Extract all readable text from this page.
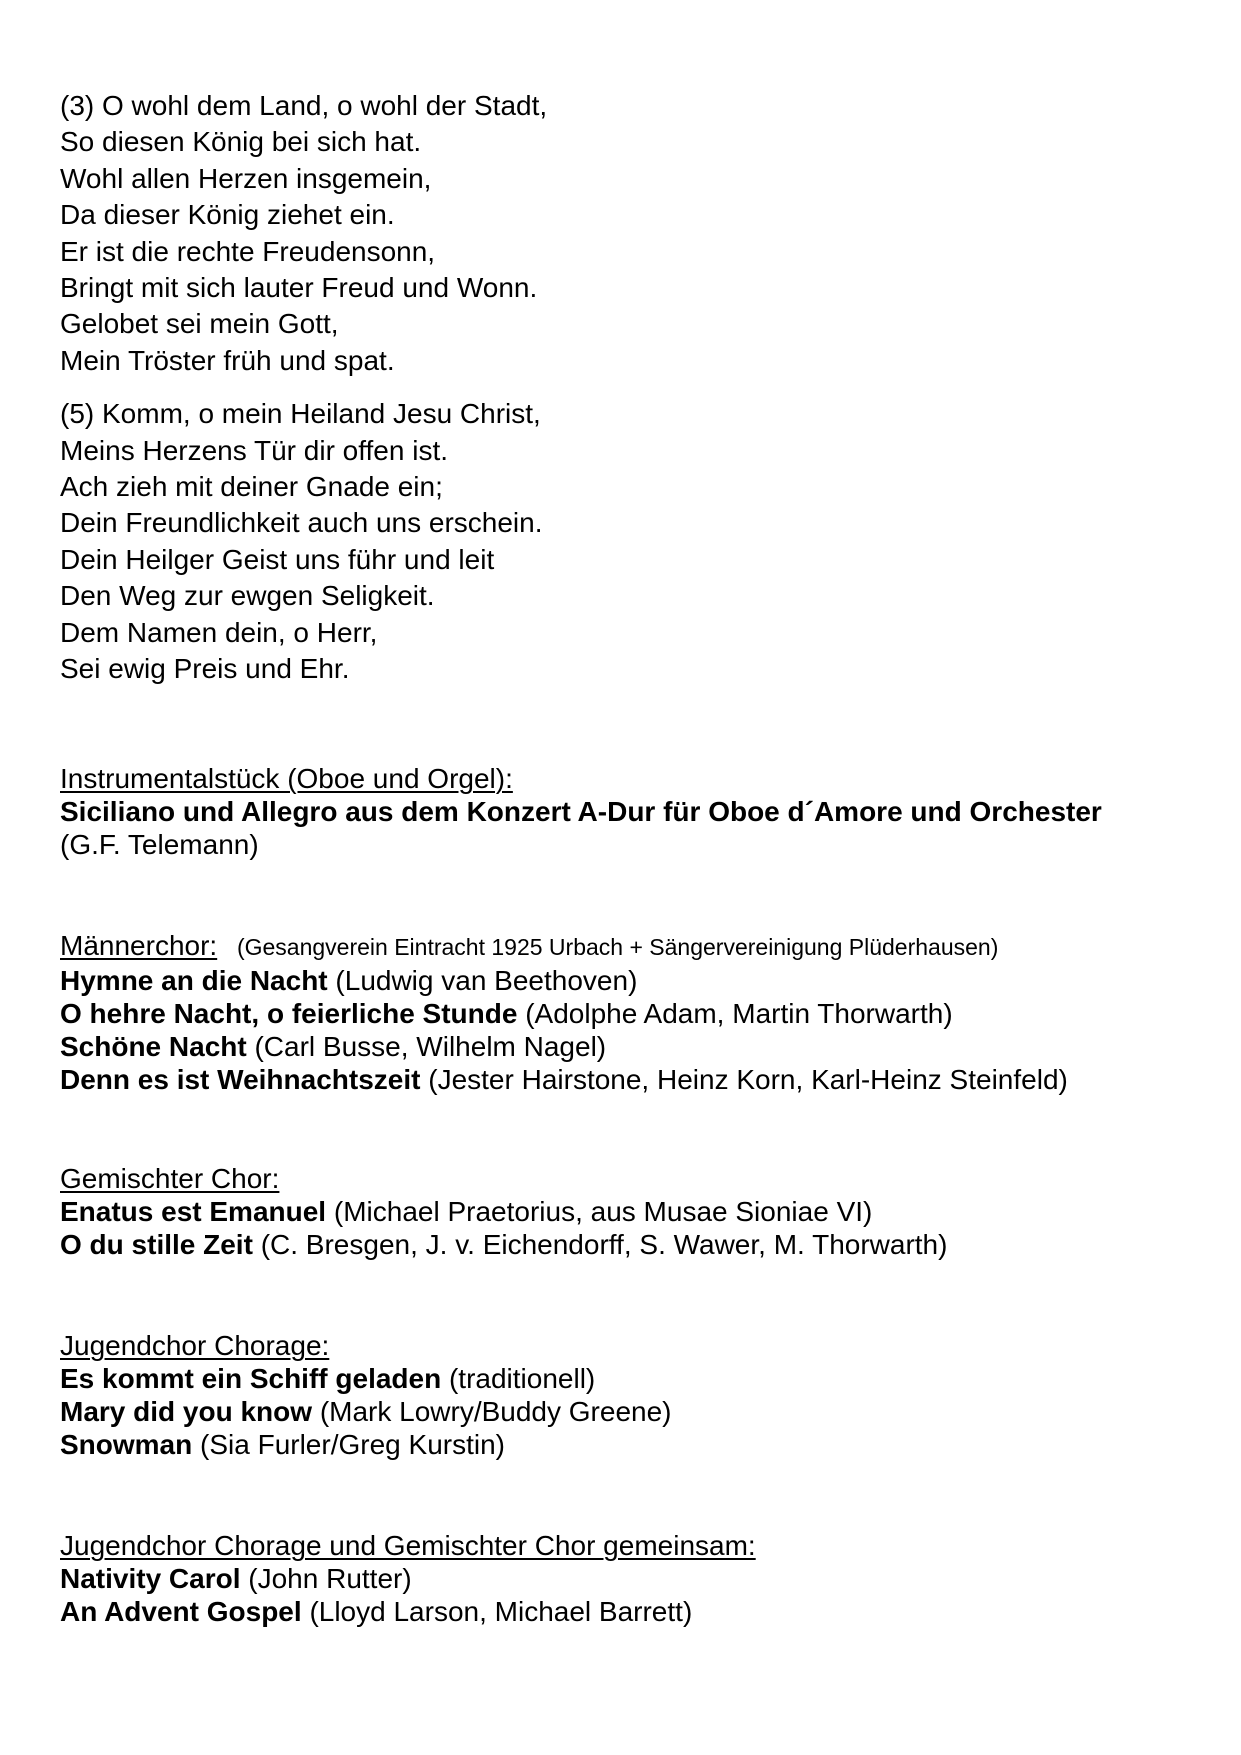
(3) O wohl dem Land, o wohl der Stadt,
So diesen König bei sich hat.
Wohl allen Herzen insgemein,
Da dieser König ziehet ein.
Er ist die rechte Freudensonn,
Bringt mit sich lauter Freud und Wonn.
Gelobet sei mein Gott,
Mein Tröster früh und spat.

(5) Komm, o mein Heiland Jesu Christ,
Meins Herzens Tür dir offen ist.
Ach zieh mit deiner Gnade ein;
Dein Freundlichkeit auch uns erschein.
Dein Heilger Geist uns führ und leit
Den Weg zur ewgen Seligkeit.
Dem Namen dein, o Herr,
Sei ewig Preis und Ehr.

Instrumentalstück (Oboe und Orgel):
Siciliano und Allegro aus dem Konzert A-Dur für Oboe d´Amore und Orchester
(G.F. Telemann)
Männerchor: (Gesangverein Eintracht 1925 Urbach + Sängervereinigung Plüderhausen)
Hymne an die Nacht (Ludwig van Beethoven)
O hehre Nacht, o feierliche Stunde (Adolphe Adam, Martin Thorwarth)
Schöne Nacht (Carl Busse, Wilhelm Nagel)
Denn es ist Weihnachtszeit (Jester Hairstone, Heinz Korn, Karl-Heinz Steinfeld)
Gemischter Chor:
Enatus est Emanuel (Michael Praetorius, aus Musae Sioniae VI)
O du stille Zeit (C. Bresgen, J. v. Eichendorff, S. Wawer, M. Thorwarth)
Jugendchor Chorage:
Es kommt ein Schiff geladen (traditionell)
Mary did you know (Mark Lowry/Buddy Greene)
Snowman (Sia Furler/Greg Kurstin)
Jugendchor Chorage und Gemischter Chor gemeinsam:
Nativity Carol (John Rutter)
An Advent Gospel (Lloyd Larson, Michael Barrett)
